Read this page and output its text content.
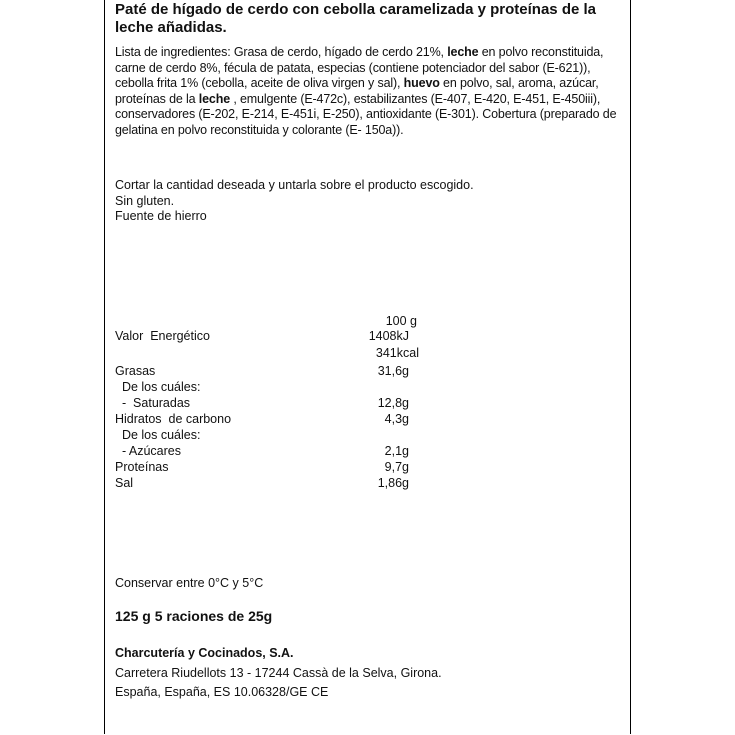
Paté de hígado de cerdo con cebolla caramelizada y proteínas de la leche añadidas.
Lista de ingredientes: Grasa de cerdo, hígado de cerdo 21%, leche en polvo reconstituida, carne de cerdo 8%, fécula de patata, especias (contiene potenciador del sabor (E-621)), cebolla frita 1% (cebolla, aceite de oliva virgen y sal), huevo en polvo, sal, aroma, azúcar, proteínas de la leche , emulgente (E-472c), estabilizantes (E-407, E-420, E-451, E-450iii), conservadores (E-202, E-214, E-451i, E-250), antioxidante (E-301). Cobertura (preparado de gelatina en polvo reconstituida y colorante (E- 150a)).
Cortar la cantidad deseada y untarla sobre el producto escogido.
Sin gluten.
Fuente de hierro
100 g
Valor  Energético	1408kJ
341kcal
Grasas	31,6g
De los cuáles:
-  Saturadas	12,8g
Hidratos  de carbono	4,3g
De los cuáles:
- Azúcares	2,1g
Proteínas	9,7g
Sal	1,86g
Conservar entre 0°C y 5°C
125 g 5 raciones de 25g
Charcutería y Cocinados, S.A.
Carretera Riudellots 13 - 17244 Cassà de la Selva, Girona.
España, España, ES 10.06328/GE CE
